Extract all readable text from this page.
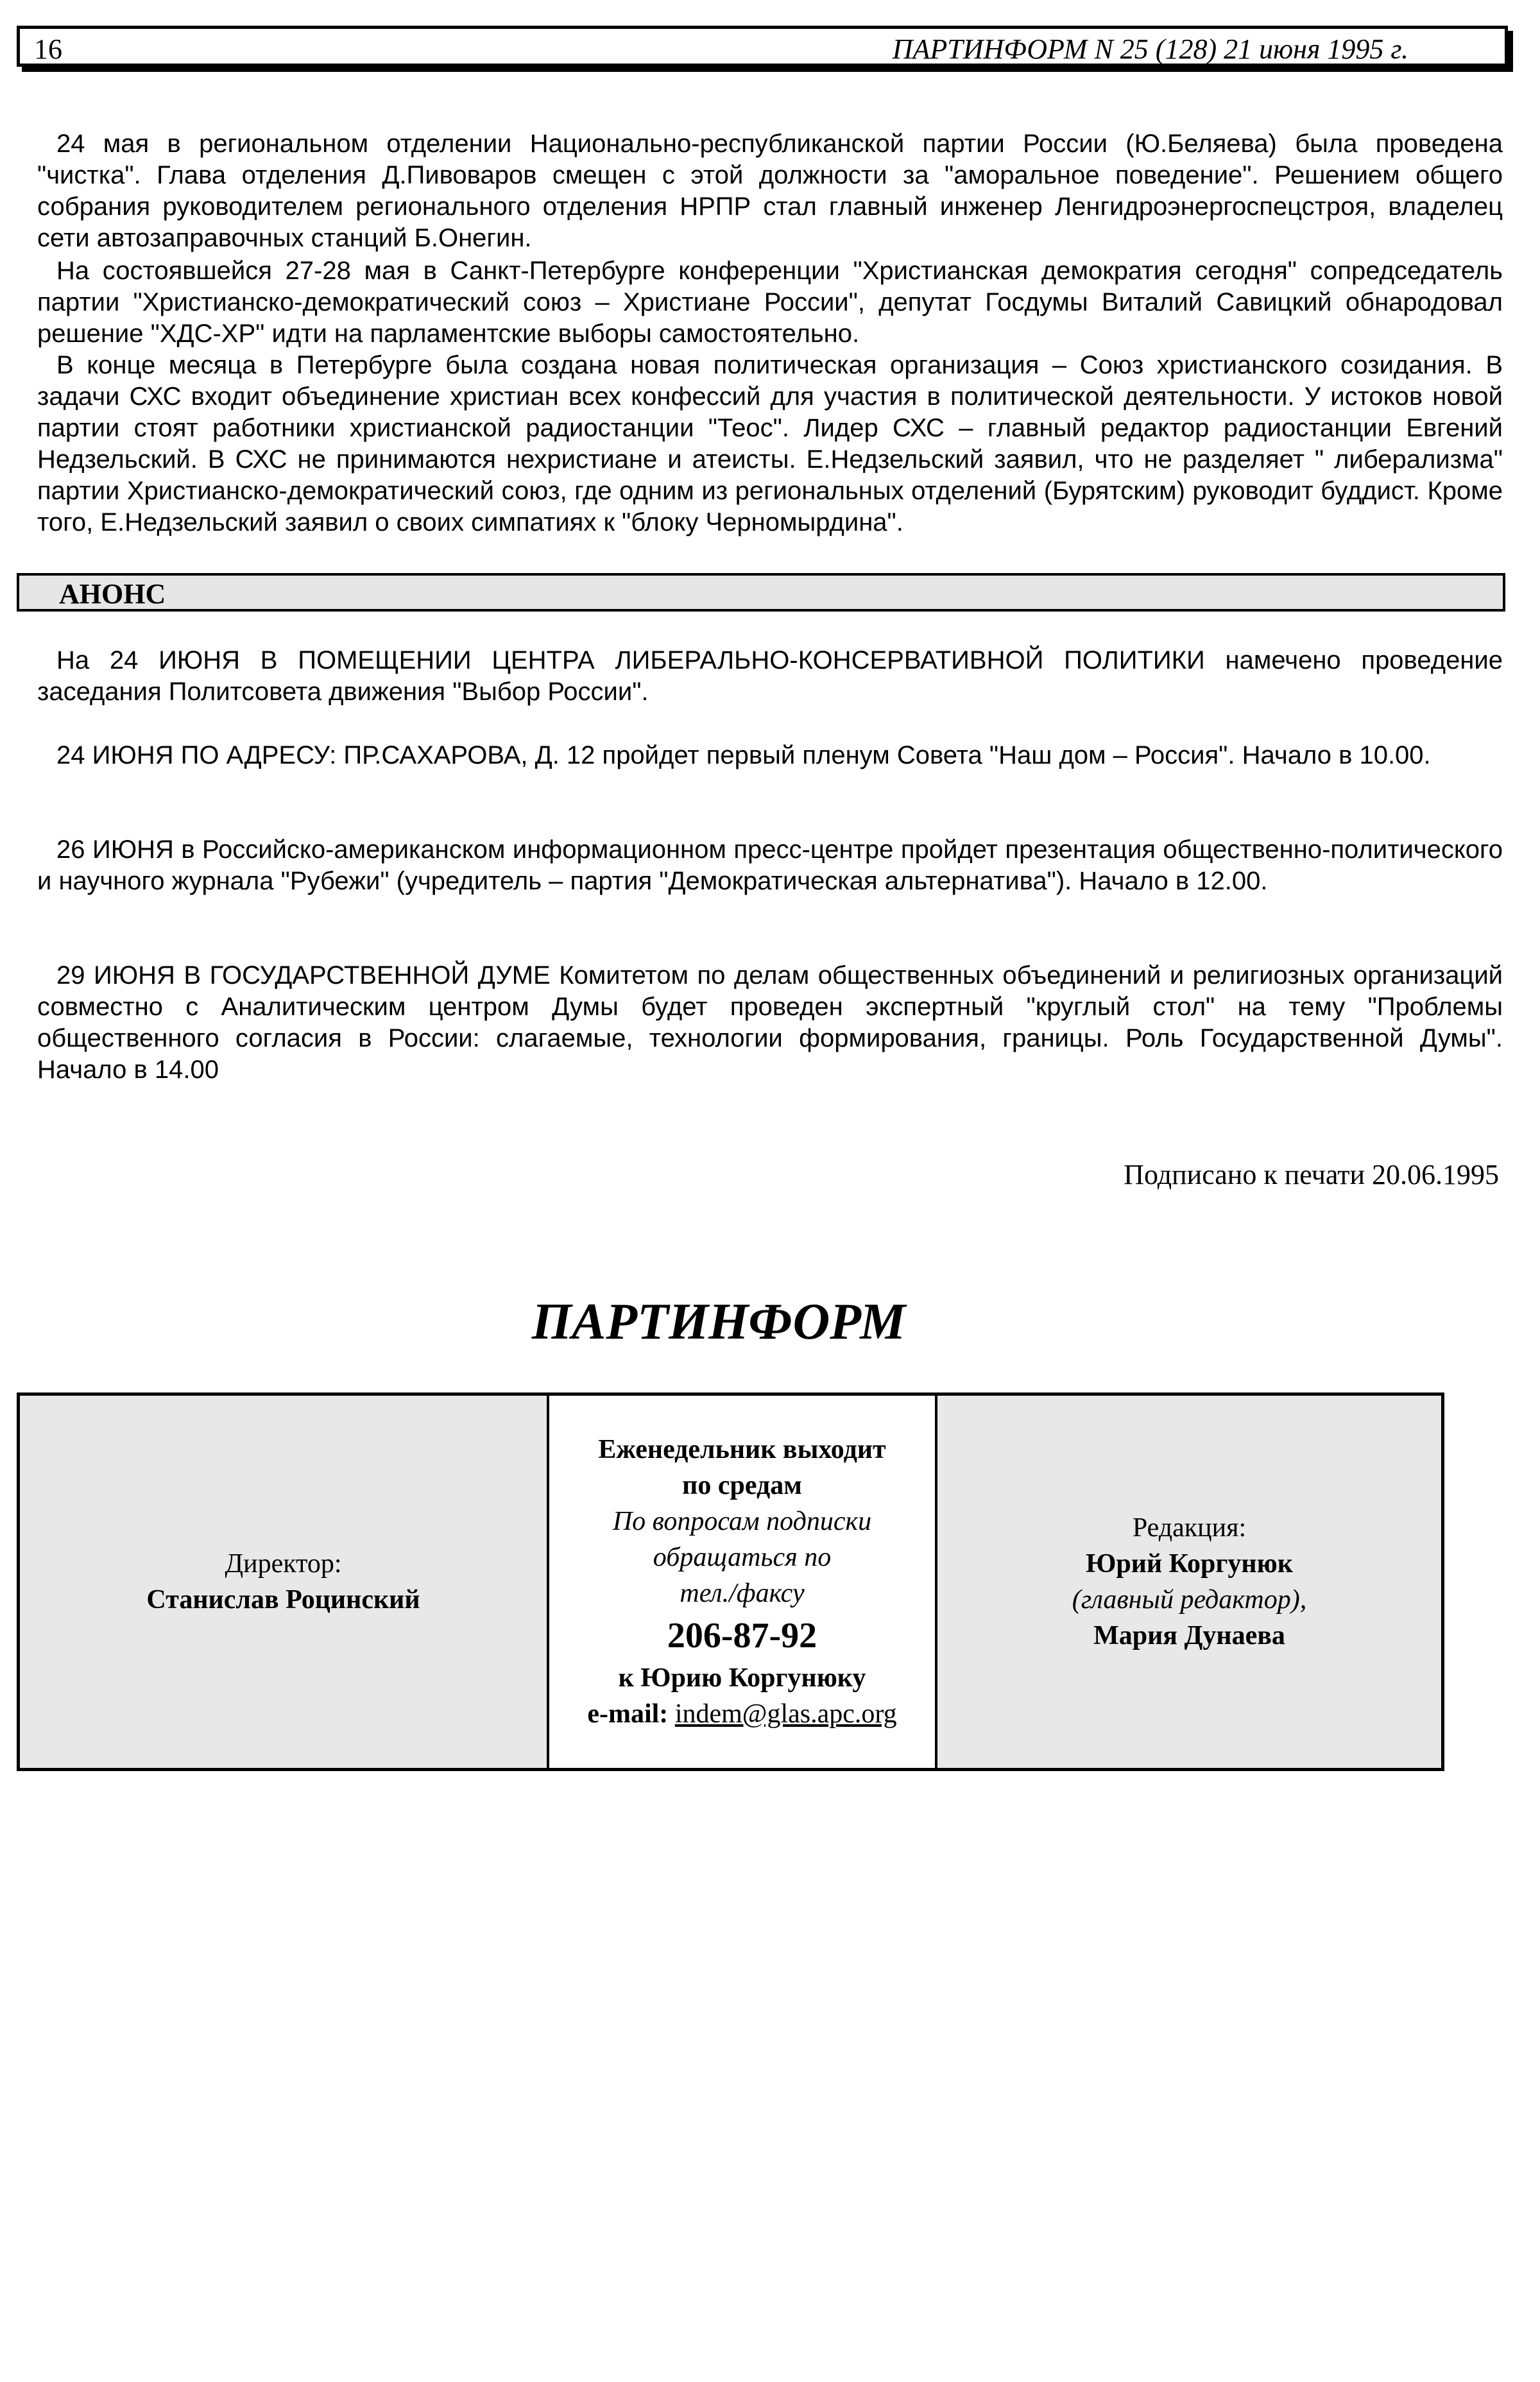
16	ПАРТИНФОРМ N 25 (128) 21 июня 1995 г.

24 мая в региональном отделении Национально-республиканской партии России (Ю.Беляева) была проведена "чистка". Глава отделения Д.Пивоваров смещен с этой должности за "аморальное поведение". Решением общего собрания руководителем регионального отделения НРПР стал главный инженер Ленгидроэнергоспецстроя, владелец сети автозаправочных станций Б.Онегин.

На состоявшейся 27-28 мая в Санкт-Петербурге конференции "Христианская демократия сегодня" сопредседатель партии "Христианско-демократический союз – Христиане России", депутат Госдумы Виталий Савицкий обнародовал решение "ХДС-ХР" идти на парламентские выборы самостоятельно.

В конце месяца в Петербурге была создана новая политическая организация – Союз христианского созидания. В задачи СХС входит объединение христиан всех конфессий для участия в политической деятельности. У истоков новой партии стоят работники христианской радиостанции "Теос". Лидер СХС – главный редактор радиостанции Евгений Недзельский. В СХС не принимаются нехристиане и атеисты. Е.Недзельский заявил, что не разделяет " либерализма" партии Христианско-демократический союз, где одним из региональных отделений (Бурятским) руководит буддист. Кроме того, Е.Недзельский заявил о своих симпатиях к "блоку Черномырдина".

АНОНС

На 24 ИЮНЯ В ПОМЕЩЕНИИ ЦЕНТРА ЛИБЕРАЛЬНО-КОНСЕРВАТИВНОЙ ПОЛИТИКИ намечено проведение заседания Политсовета движения "Выбор России".

24 ИЮНЯ ПО АДРЕСУ: ПР.САХАРОВА, Д. 12 пройдет первый пленум Совета "Наш дом – Россия". Начало в 10.00.

26 ИЮНЯ в Российско-американском информационном пресс-центре пройдет презентация общественно-политического и научного журнала "Рубежи" (учредитель – партия "Демократическая альтернатива"). Начало в 12.00.

29 ИЮНЯ В ГОСУДАРСТВЕННОЙ ДУМЕ Комитетом по делам общественных объединений и религиозных организаций совместно с Аналитическим центром Думы будет проведен экспертный "круглый стол" на тему "Проблемы общественного согласия в России: слагаемые, технологии формирования, границы. Роль Государственной Думы". Начало в 14.00

Подписано к печати 20.06.1995
ПАРТИНФОРМ
Директор:
Станислав Роцинский
Еженедельник выходит
по средам
По вопросам подписки
обращаться по
тел./факсу
206-87-92
к Юрию Коргунюку
e-mail: indem@glas.apc.org
Редакция:
Юрий Коргунюк
(главный редактор),
Мария Дунаева
